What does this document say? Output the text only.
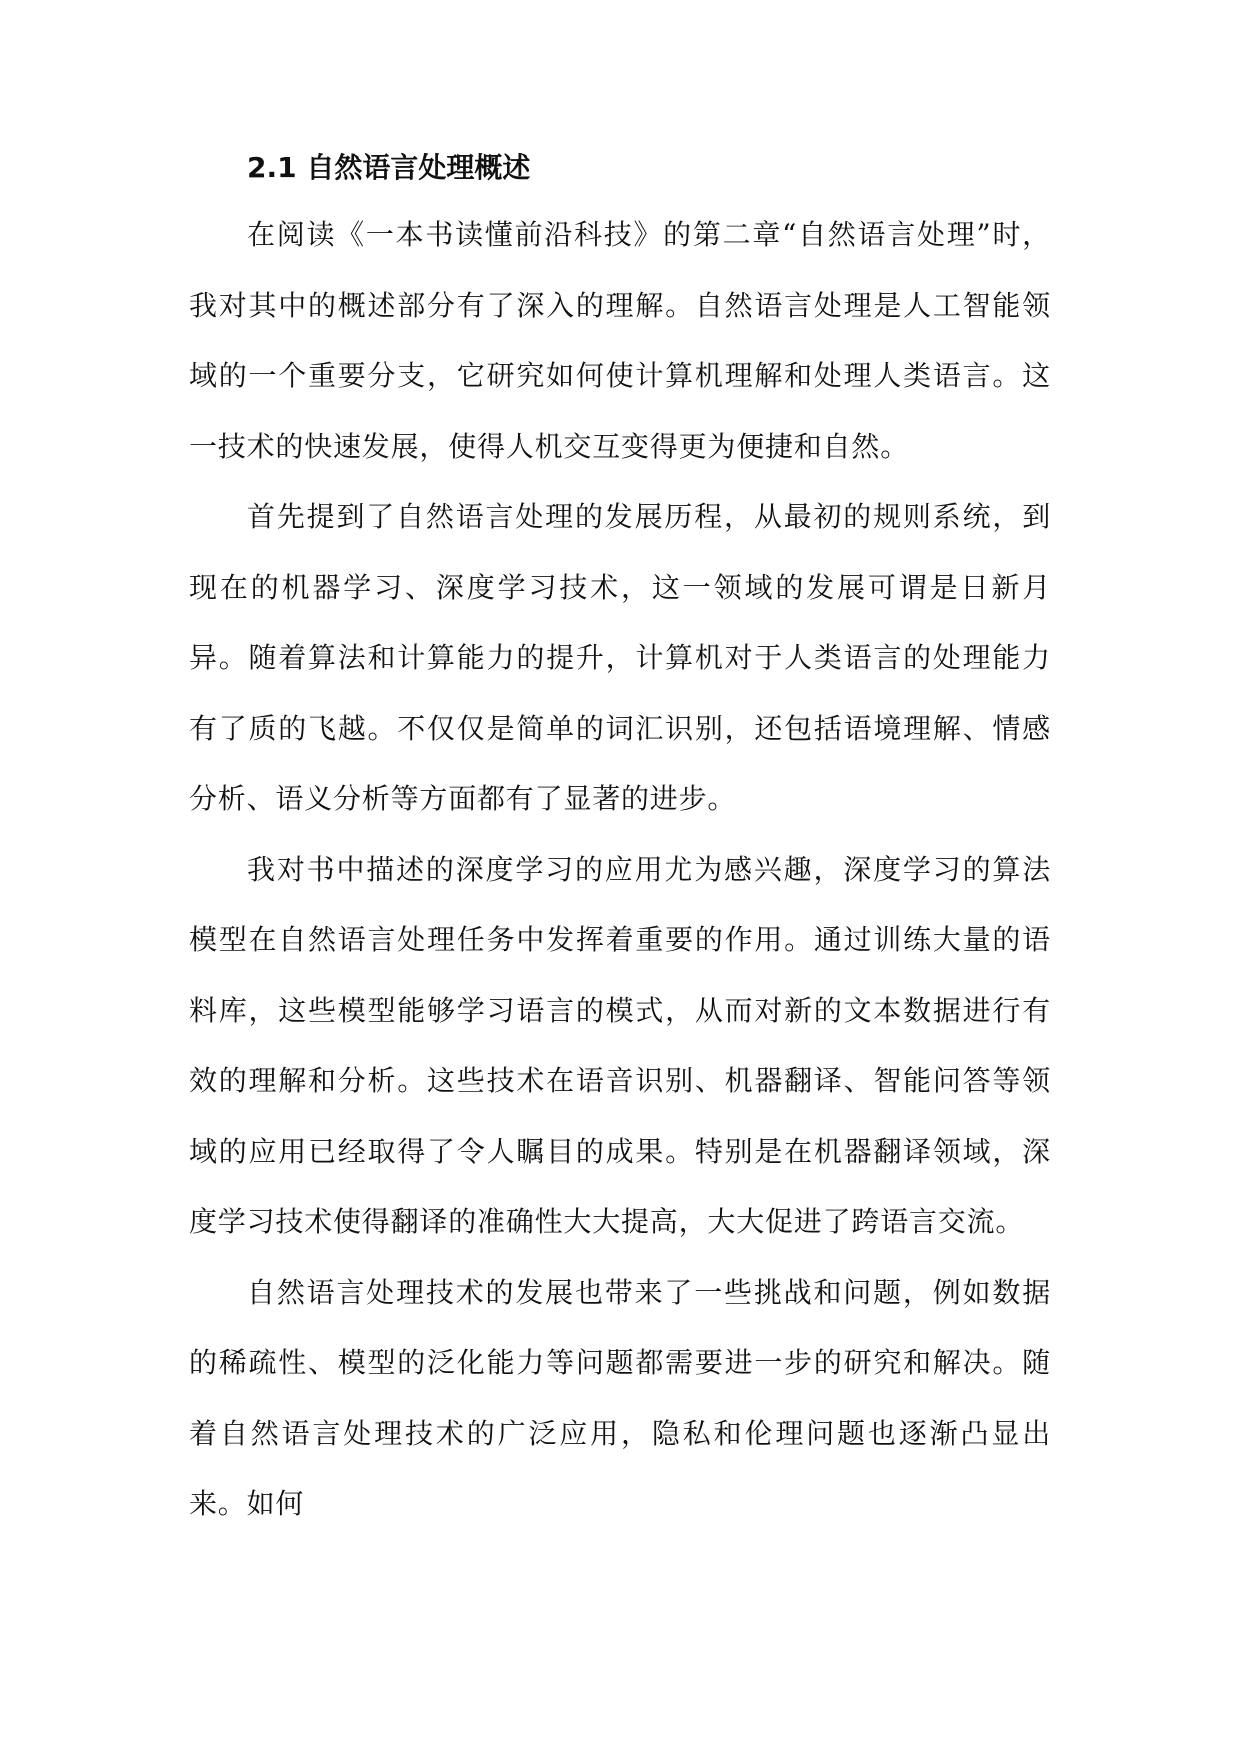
2.1 自然语言处理概述

在阅读《一本书读懂前沿科技》的第二章“自然语言处理”时，我对其中的概述部分有了深入的理解。自然语言处理是人工智能领域的一个重要分支，它研究如何使计算机理解和处理人类语言。这一技术的快速发展，使得人机交互变得更为便捷和自然。

首先提到了自然语言处理的发展历程，从最初的规则系统，到现在的机器学习、深度学习技术，这一领域的发展可谓是日新月异。随着算法和计算能力的提升，计算机对于人类语言的处理能力有了质的飞越。不仅仅是简单的词汇识别，还包括语境理解、情感分析、语义分析等方面都有了显著的进步。

我对书中描述的深度学习的应用尤为感兴趣，深度学习的算法模型在自然语言处理任务中发挥着重要的作用。通过训练大量的语料库，这些模型能够学习语言的模式，从而对新的文本数据进行有效的理解和分析。这些技术在语音识别、机器翻译、智能问答等领域的应用已经取得了令人瞩目的成果。特别是在机器翻译领域，深度学习技术使得翻译的准确性大大提高，大大促进了跨语言交流。

自然语言处理技术的发展也带来了一些挑战和问题，例如数据的稀疏性、模型的泛化能力等问题都需要进一步的研究和解决。随着自然语言处理技术的广泛应用，隐私和伦理问题也逐渐凸显出来。如何
